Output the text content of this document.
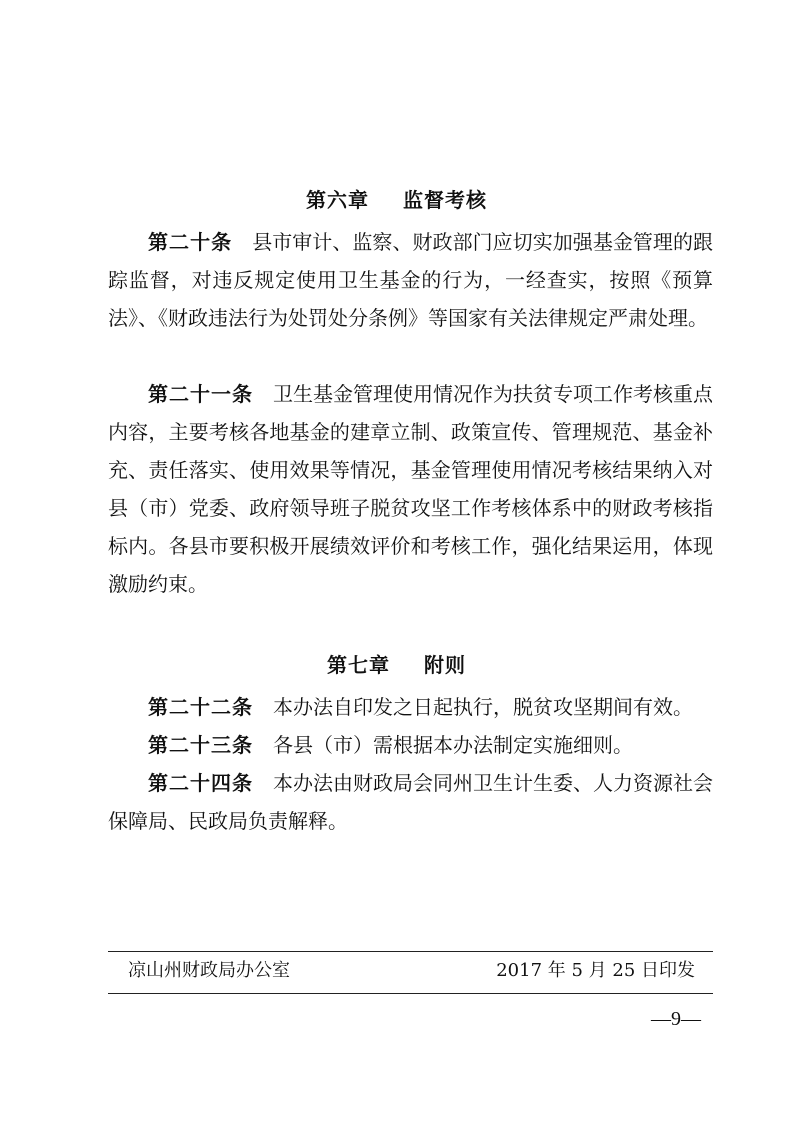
第六章 监督考核

第二十条 县市审计、监察、财政部门应切实加强基金管理的跟踪监督，对违反规定使用卫生基金的行为，一经查实，按照《预算法》、《财政违法行为处罚处分条例》等国家有关法律规定严肃处理。

第二十一条 卫生基金管理使用情况作为扶贫专项工作考核重点内容，主要考核各地基金的建章立制、政策宣传、管理规范、基金补充、责任落实、使用效果等情况，基金管理使用情况考核结果纳入对县（市）党委、政府领导班子脱贫攻坚工作考核体系中的财政考核指标内。各县市要积极开展绩效评价和考核工作，强化结果运用，体现激励约束。

第七章 附则

第二十二条 本办法自印发之日起执行，脱贫攻坚期间有效。

第二十三条 各县（市）需根据本办法制定实施细则。

第二十四条 本办法由财政局会同州卫生计生委、人力资源社会保障局、民政局负责解释。

凉山州财政局办公室	2017 年 5 月 25 日印发
—9—
